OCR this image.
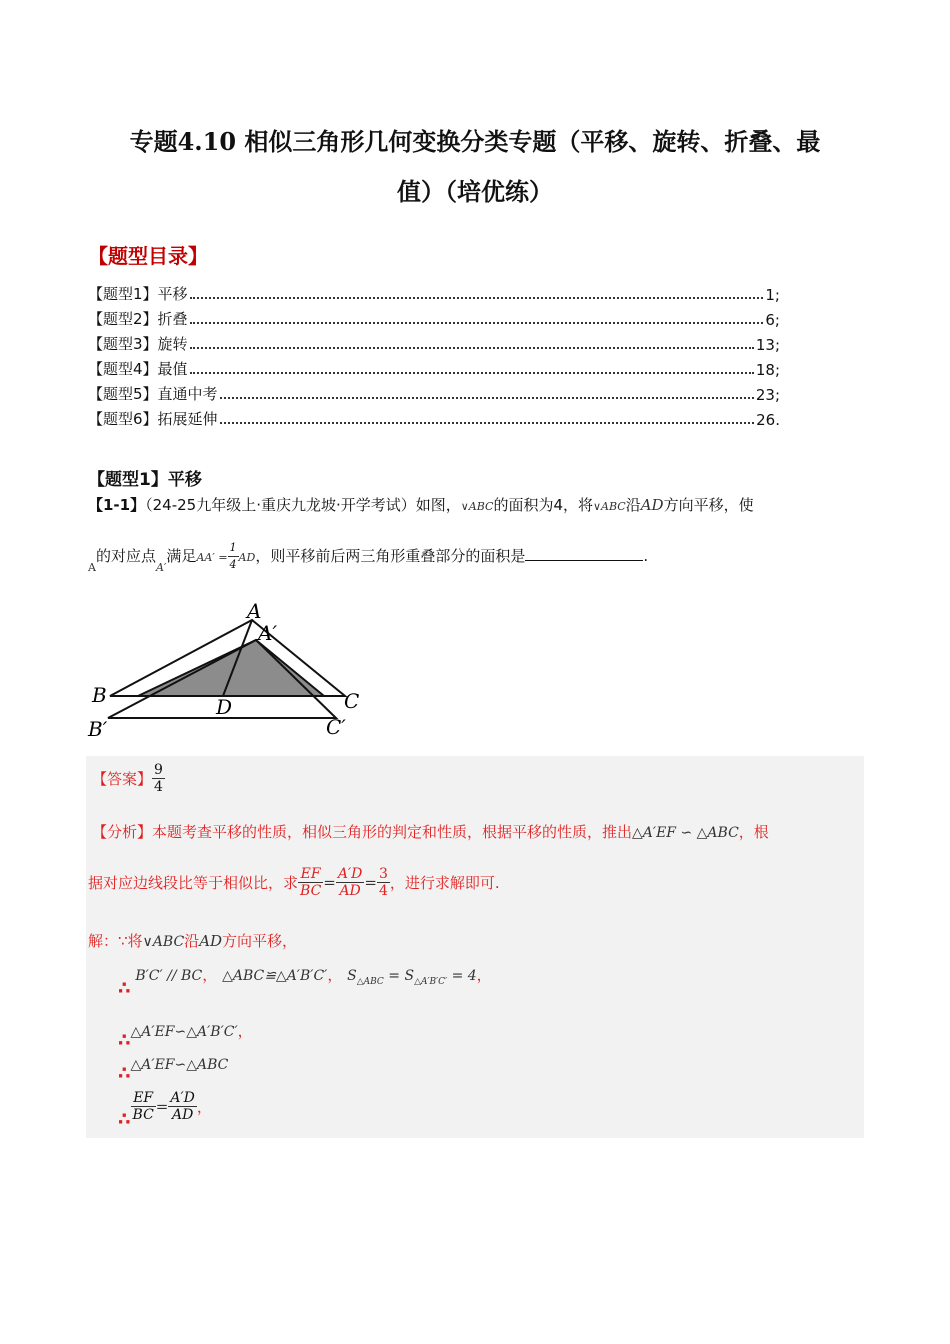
专题4.10 相似三角形几何变换分类专题（平移、旋转、折叠、最
值）（培优练）
【题型目录】
【题型1】平移	1;
【题型2】折叠	6;
【题型3】旋转	13;
【题型4】最值	18;
【题型5】直通中考	23;
【题型6】拓展延伸	26.
【题型1】平移
【1-1】（24-25九年级上·重庆九龙坡·开学考试）如图，∨ABC的面积为4，将∨ABC沿AD方向平移，使
$_A$的对应点$_{A'}$满足$AA' = \frac{1}{4}$ AD，则平移前后两三角形重叠部分的面积是	.
A
A′
B	C
D
B′	C′
【答案】 $\frac{9}{4}$
【分析】本题考查平移的性质，相似三角形的判定和性质，根据平移的性质，推出△A′EF ∽ △ABC，根
据对应边线段比等于相似比，求 $\frac{EF}{BC} = \frac{A'D}{AD} = \frac{3}{4}$ ，进行求解即可.
解：∵将∨ABC沿AD方向平移，
∴ B′C′ // BC， △ABC≌△A′B′C′， $S_{\triangle ABC} = S_{\triangle A'B'C'} = 4$，
∴△A′EF∽△A′B′C′，
∴△A′EF∽△ABC
∴ $\frac{EF}{BC} = \frac{A'D}{AD}$ ，
